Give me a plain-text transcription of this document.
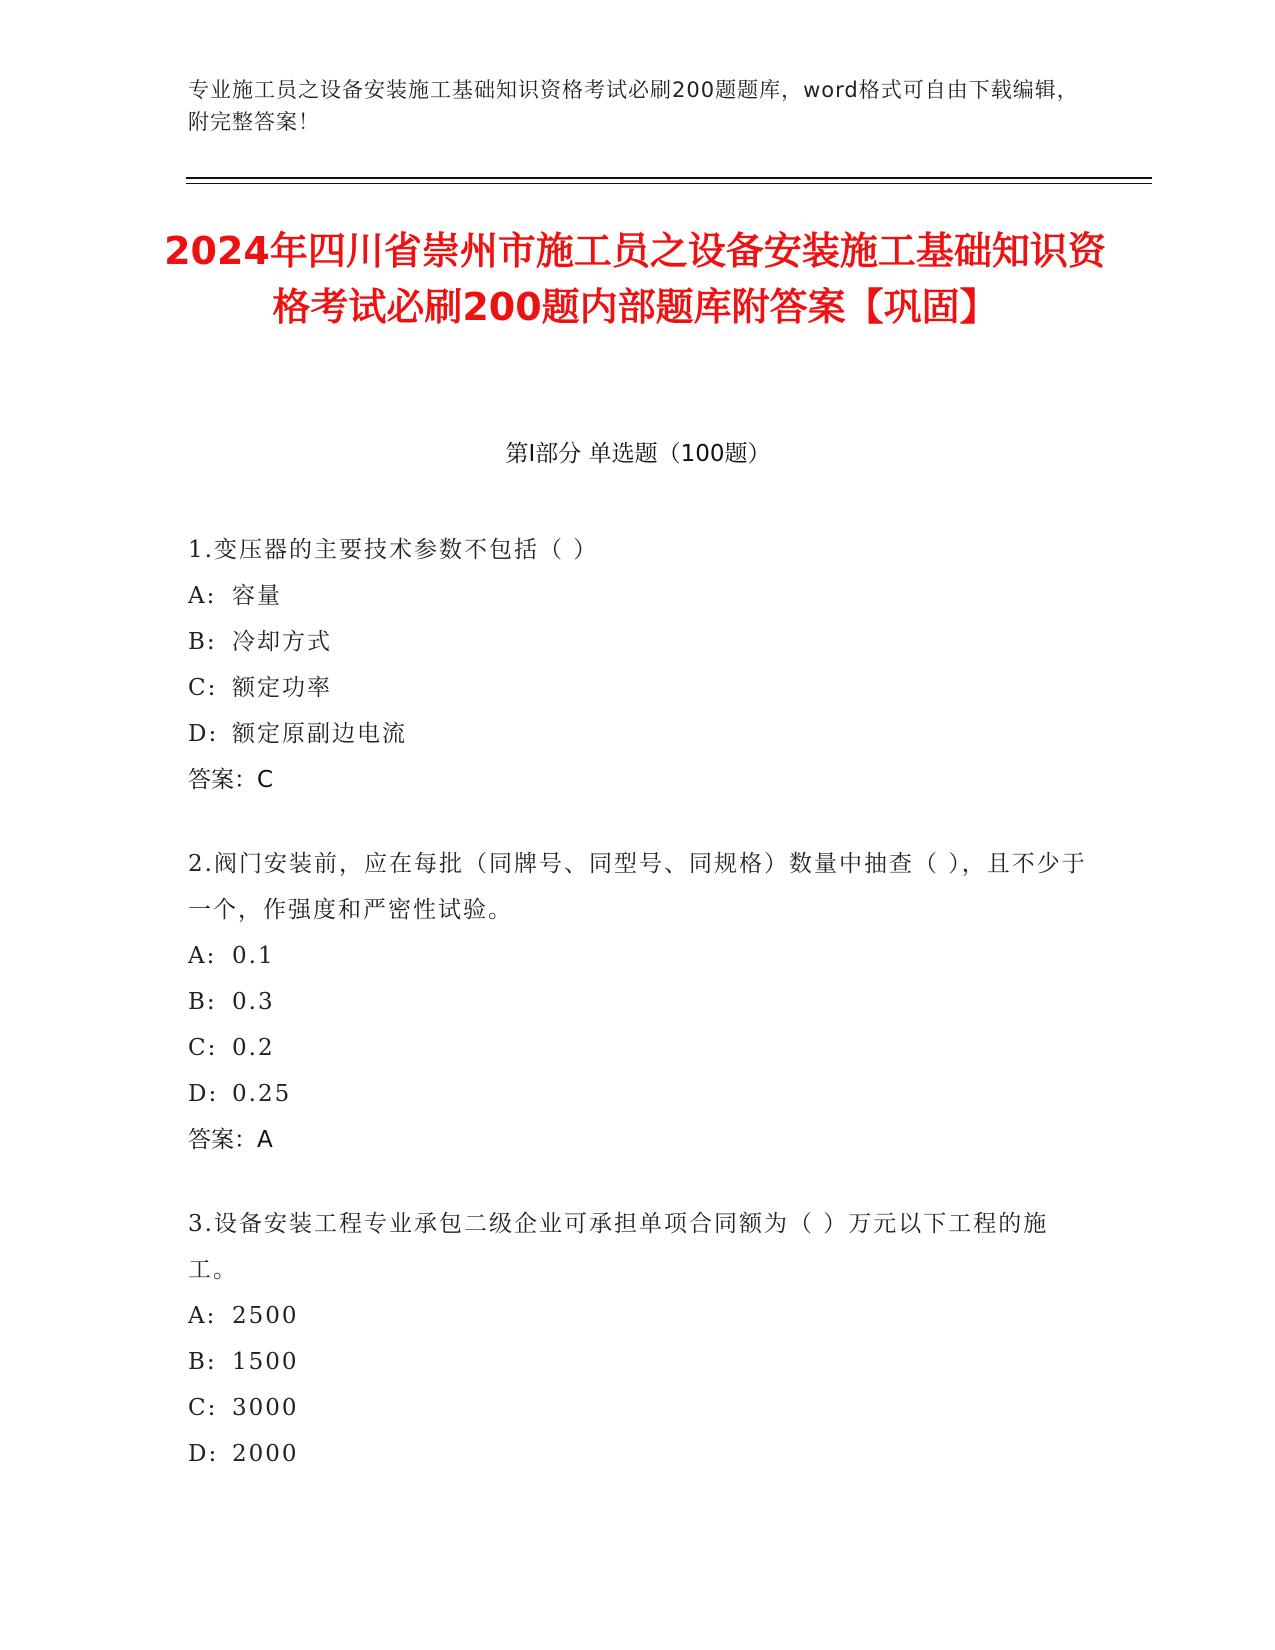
专业施工员之设备安装施工基础知识资格考试必刷200题题库，word格式可自由下载编辑，附完整答案！
2024年四川省崇州市施工员之设备安装施工基础知识资格考试必刷200题内部题库附答案【巩固】
第I部分 单选题（100题）
1.变压器的主要技术参数不包括（ ）
A: 容量
B: 冷却方式
C: 额定功率
D: 额定原副边电流
答案：C
2.阀门安装前，应在每批（同牌号、同型号、同规格）数量中抽查（ ），且不少于一个，作强度和严密性试验。
A: 0.1
B: 0.3
C: 0.2
D: 0.25
答案：A
3.设备安装工程专业承包二级企业可承担单项合同额为（ ）万元以下工程的施工。
A: 2500
B: 1500
C: 3000
D: 2000
